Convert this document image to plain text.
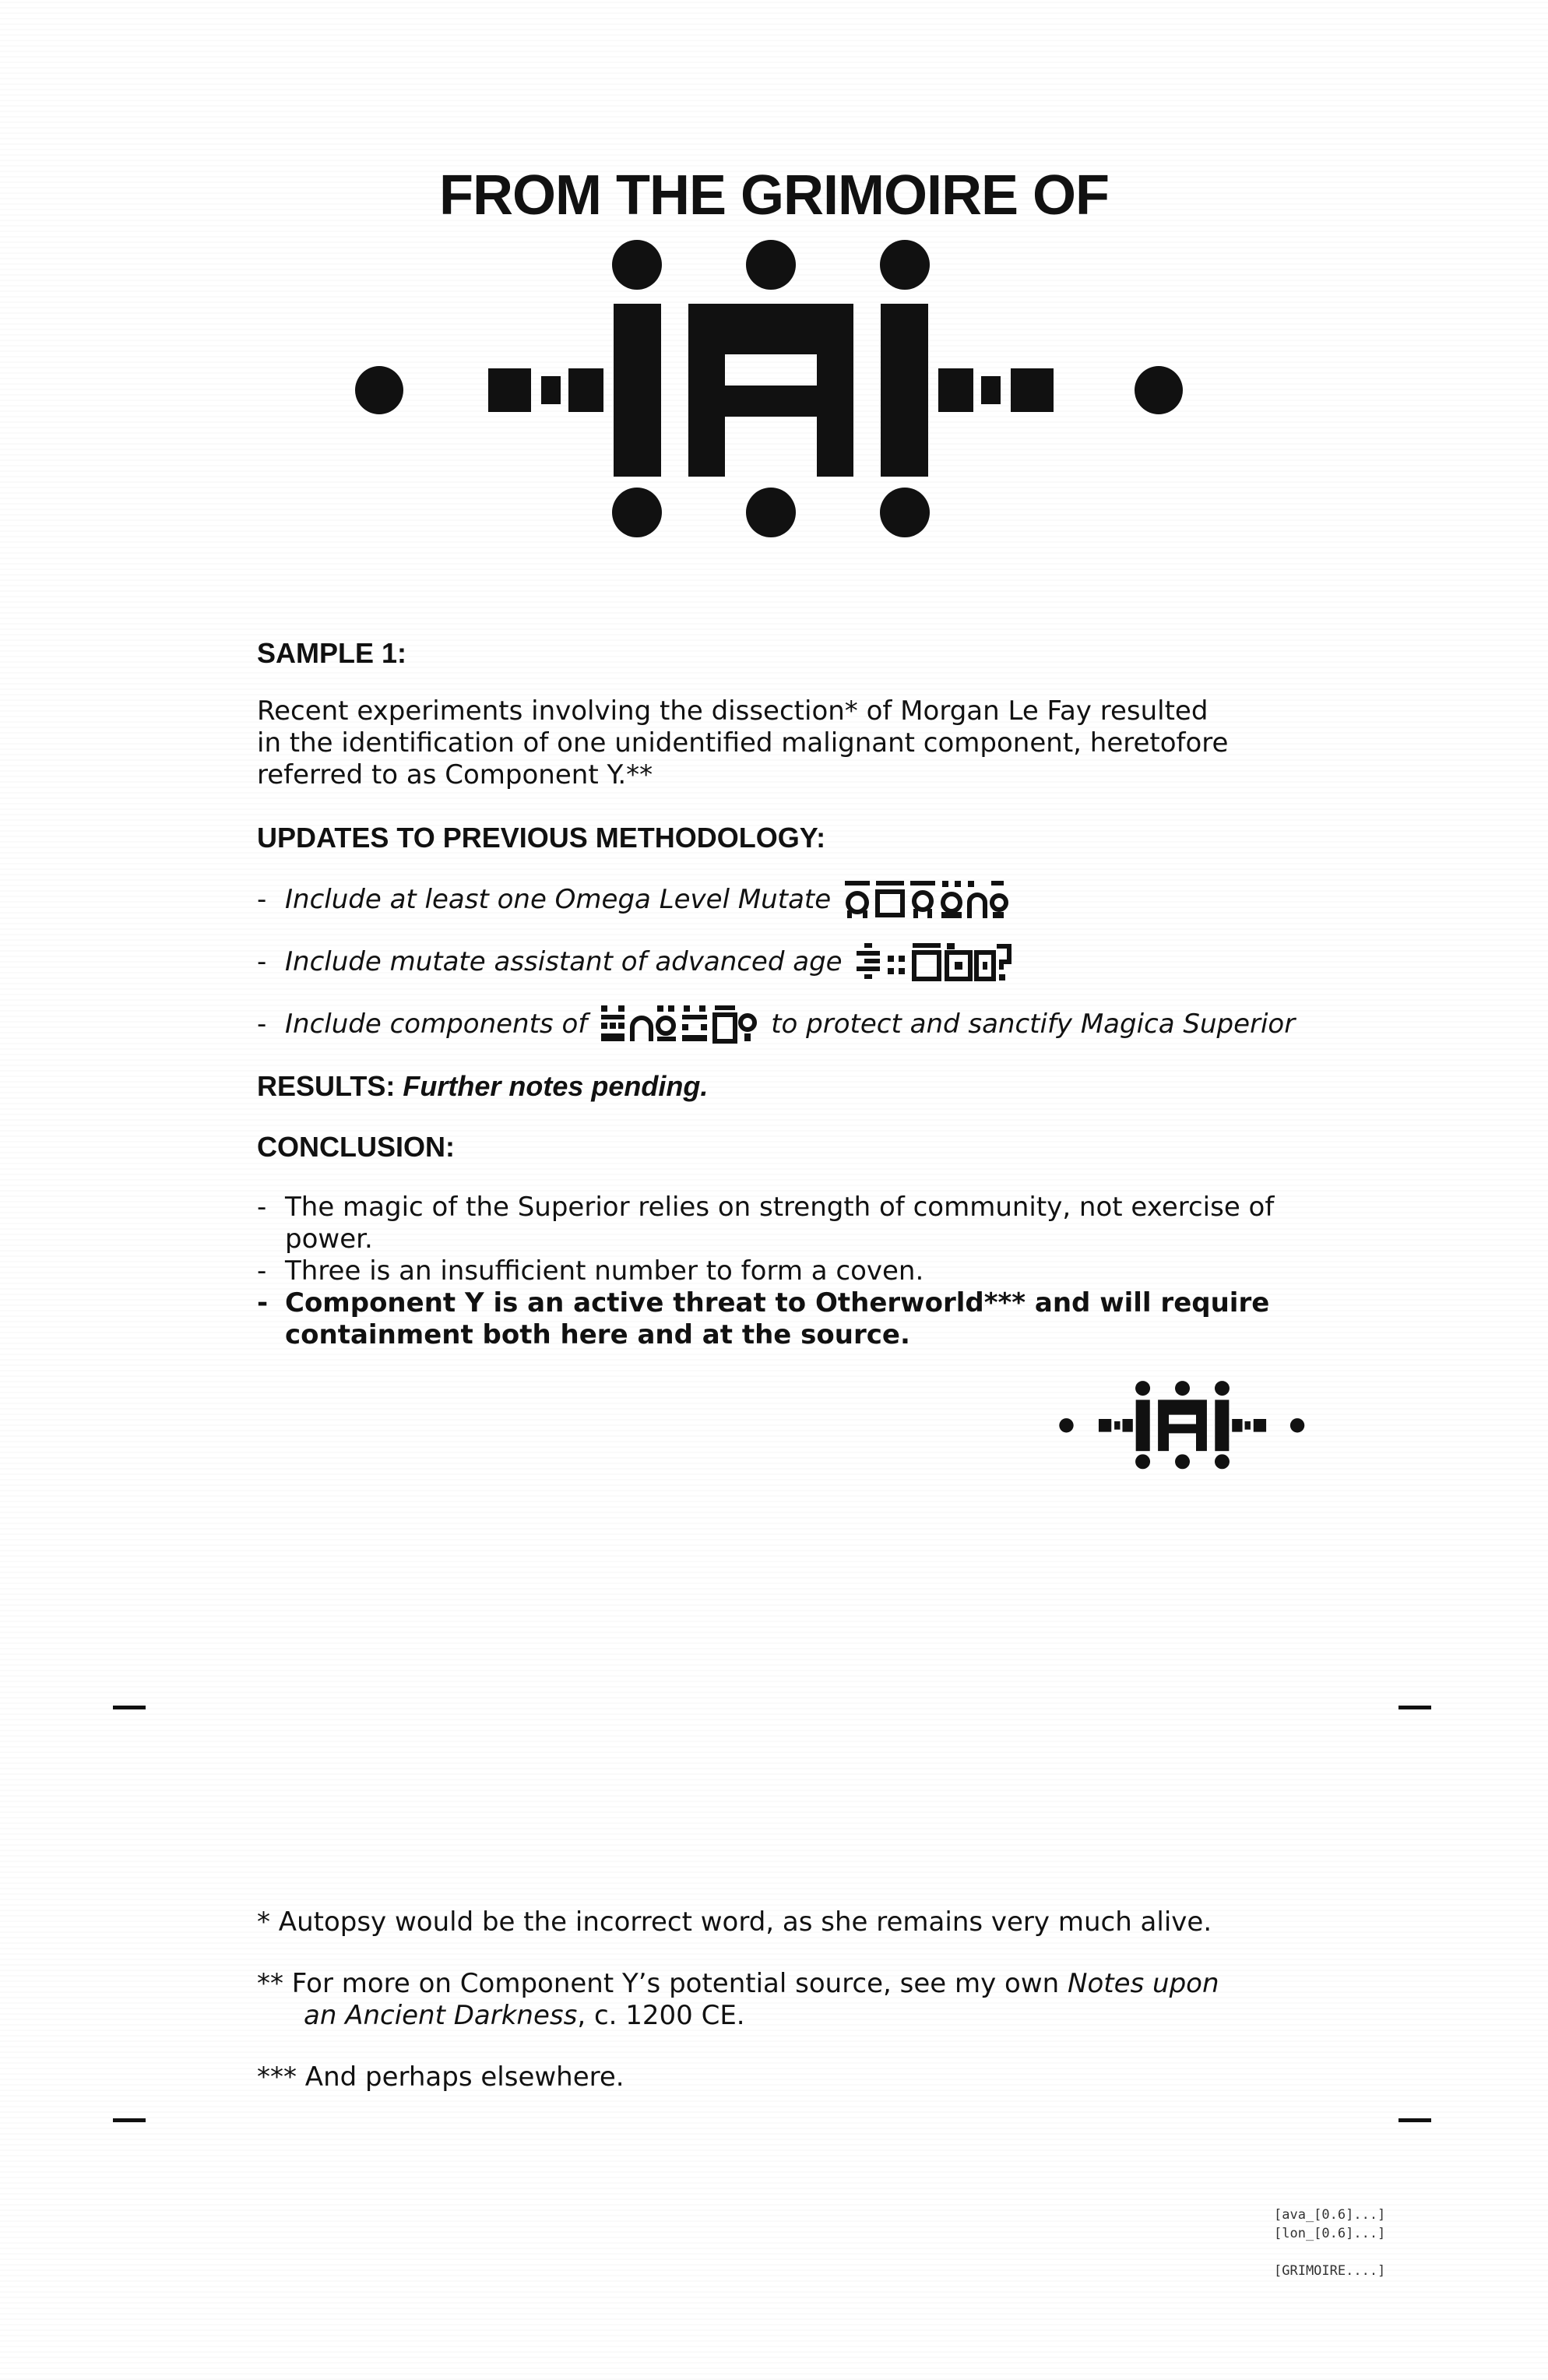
FROM THE GRIMOIRE OF

SAMPLE 1:

Recent experiments involving the dissection* of Morgan Le Fay resulted

in the identification of one unidentified malignant component, heretofore

referred to as Component Y.**

UPDATES TO PREVIOUS METHODOLOGY:

- Include at least one Omega Level Mutate
- Include mutate assistant of advanced age
- Include components of	to protect and sanctify Magica Superior

RESULTS: Further notes pending.

CONCLUSION:

- The magic of the Superior relies on strength of community, not exercise of power.
- Three is an insufficient number to form a coven.
- Component Y is an active threat to Otherworld*** and will require containment both here and at the source.

* Autopsy would be the incorrect word, as she remains very much alive.

** For more on Component Y’s potential source, see my own Notes upon
an Ancient Darkness, c. 1200 CE.

*** And perhaps elsewhere.

[ava_[0.6]...]
[lon_[0.6]...]
[GRIMOIRE....]
